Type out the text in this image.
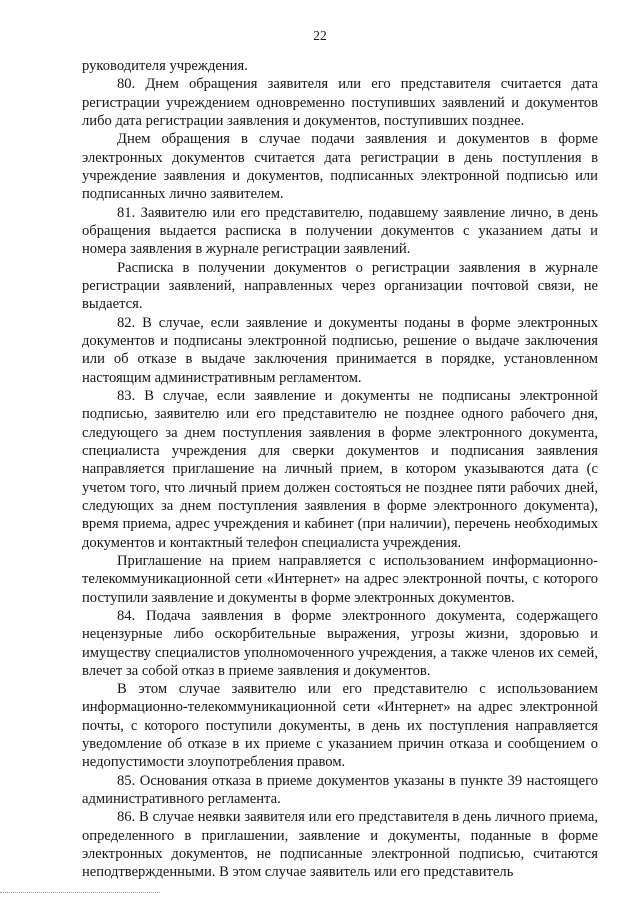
22

руководителя учреждения.

80. Днем обращения заявителя или его представителя считается дата регистрации учреждением одновременно поступивших заявлений и документов либо дата регистрации заявления и документов, поступивших позднее.

Днем обращения в случае подачи заявления и документов в форме электронных документов считается дата регистрации в день поступления в учреждение заявления и документов, подписанных электронной подписью или подписанных лично заявителем.

81. Заявителю или его представителю, подавшему заявление лично, в день обращения выдается расписка в получении документов с указанием даты и номера заявления в журнале регистрации заявлений.

Расписка в получении документов о регистрации заявления в журнале регистрации заявлений, направленных через организации почтовой связи, не выдается.

82. В случае, если заявление и документы поданы в форме электронных документов и подписаны электронной подписью, решение о выдаче заключения или об отказе в выдаче заключения принимается в порядке, установленном настоящим административным регламентом.

83. В случае, если заявление и документы не подписаны электронной подписью, заявителю или его представителю не позднее одного рабочего дня, следующего за днем поступления заявления в форме электронного документа, специалиста учреждения для сверки документов и подписания заявления направляется приглашение на личный прием, в котором указываются дата (с учетом того, что личный прием должен состояться не позднее пяти рабочих дней, следующих за днем поступления заявления в форме электронного документа), время приема, адрес учреждения и кабинет (при наличии), перечень необходимых документов и контактный телефон специалиста учреждения.

Приглашение на прием направляется с использованием информационно-телекоммуникационной сети «Интернет» на адрес электронной почты, с которого поступили заявление и документы в форме электронных документов.

84. Подача заявления в форме электронного документа, содержащего нецензурные либо оскорбительные выражения, угрозы жизни, здоровью и имуществу специалистов уполномоченного учреждения, а также членов их семей, влечет за собой отказ в приеме заявления и документов.

В этом случае заявителю или его представителю с использованием информационно-телекоммуникационной сети «Интернет» на адрес электронной почты, с которого поступили документы, в день их поступления направляется уведомление об отказе в их приеме с указанием причин отказа и сообщением о недопустимости злоупотребления правом.

85. Основания отказа в приеме документов указаны в пункте 39 настоящего административного регламента.

86. В случае неявки заявителя или его представителя в день личного приема, определенного в приглашении, заявление и документы, поданные в форме электронных документов, не подписанные электронной подписью, считаются неподтвержденными. В этом случае заявитель или его представитель
